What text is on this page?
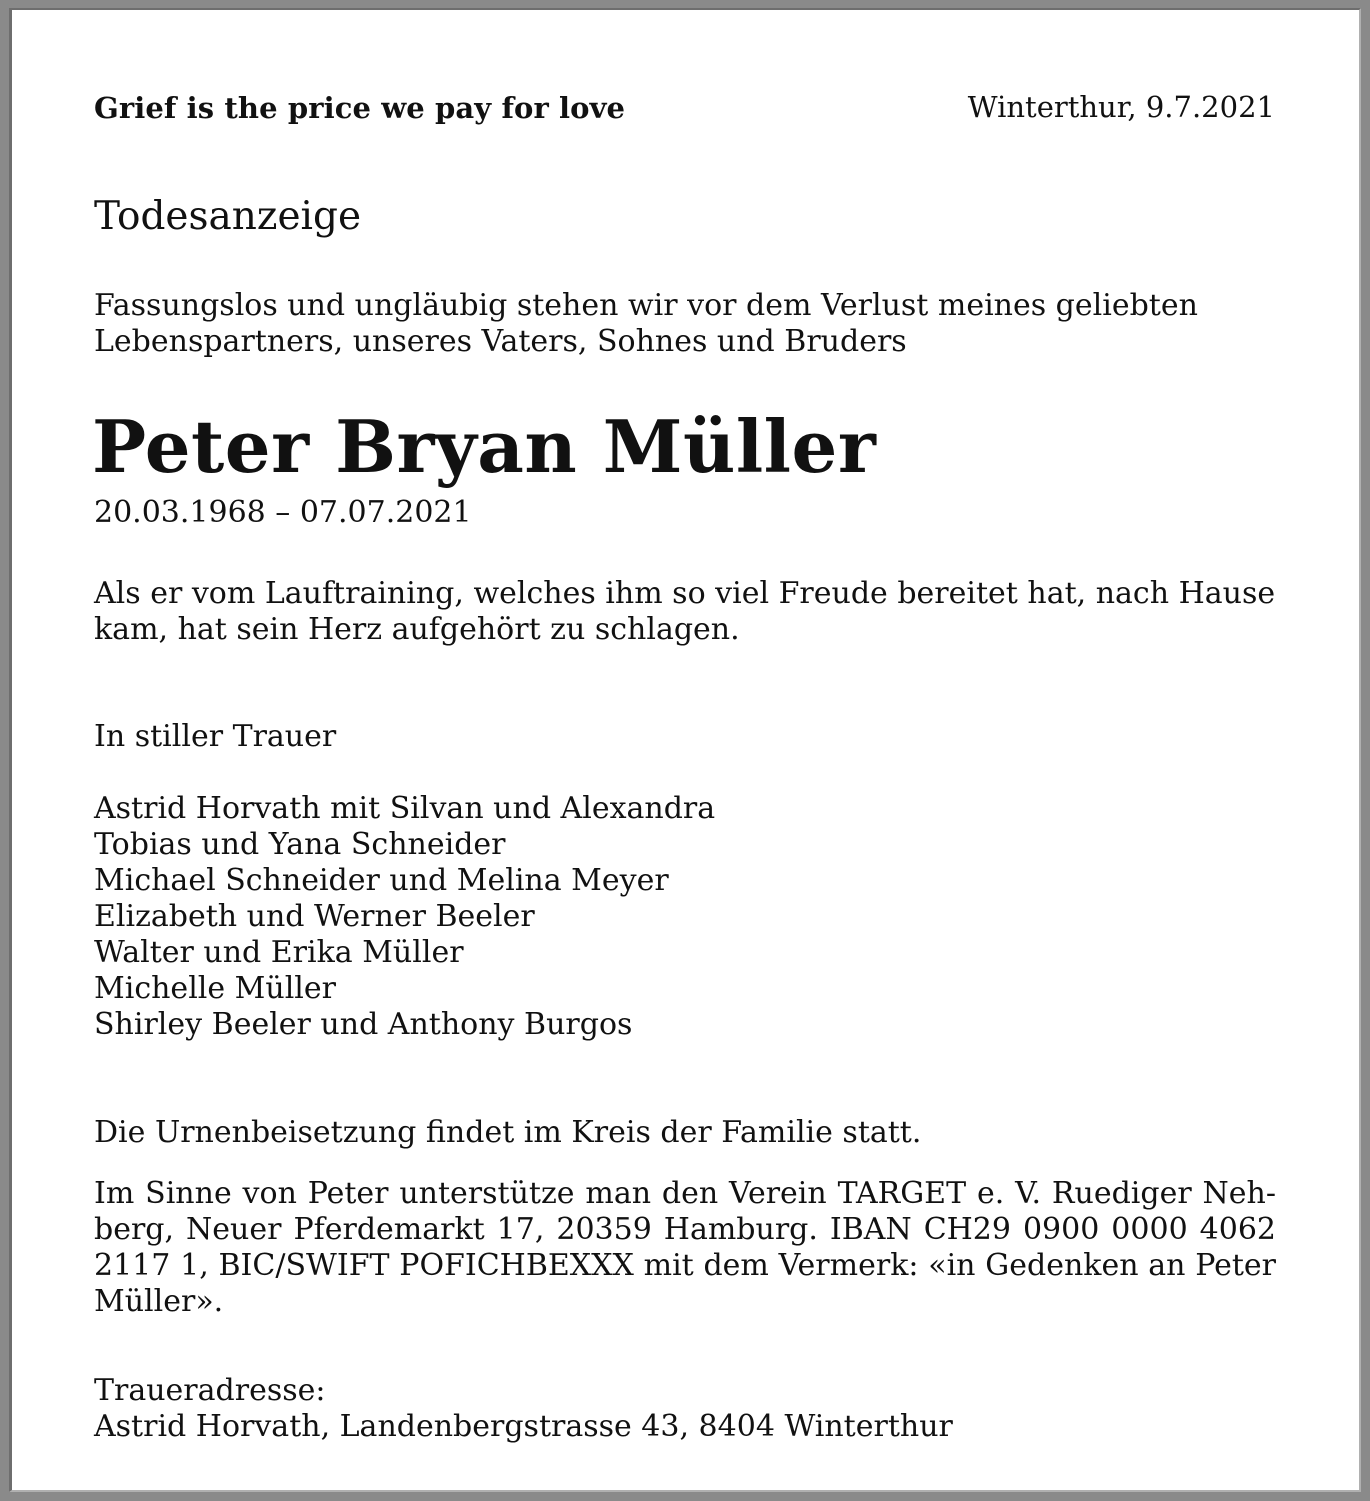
Grief is the price we pay for love	Winterthur, 9.7.2021
Todesanzeige
Fassungslos und ungläubig stehen wir vor dem Verlust meines geliebten
Lebenspartners, unseres Vaters, Sohnes und Bruders
Peter Bryan Müller
20.03.1968 – 07.07.2021
Als er vom Lauftraining, welches ihm so viel Freude bereitet hat, nach Hause
kam, hat sein Herz aufgehört zu schlagen.
In stiller Trauer
Astrid Horvath mit Silvan und Alexandra
Tobias und Yana Schneider
Michael Schneider und Melina Meyer
Elizabeth und Werner Beeler
Walter und Erika Müller
Michelle Müller
Shirley Beeler und Anthony Burgos
Die Urnenbeisetzung findet im Kreis der Familie statt.
Im Sinne von Peter unterstütze man den Verein TARGET e. V. Ruediger Neh-
berg, Neuer Pferdemarkt 17, 20359 Hamburg. IBAN CH29 0900 0000 4062
2117 1, BIC/SWIFT POFICHBEXXX mit dem Vermerk: «in Gedenken an Peter
Müller».
Traueradresse:
Astrid Horvath, Landenbergstrasse 43, 8404 Winterthur
